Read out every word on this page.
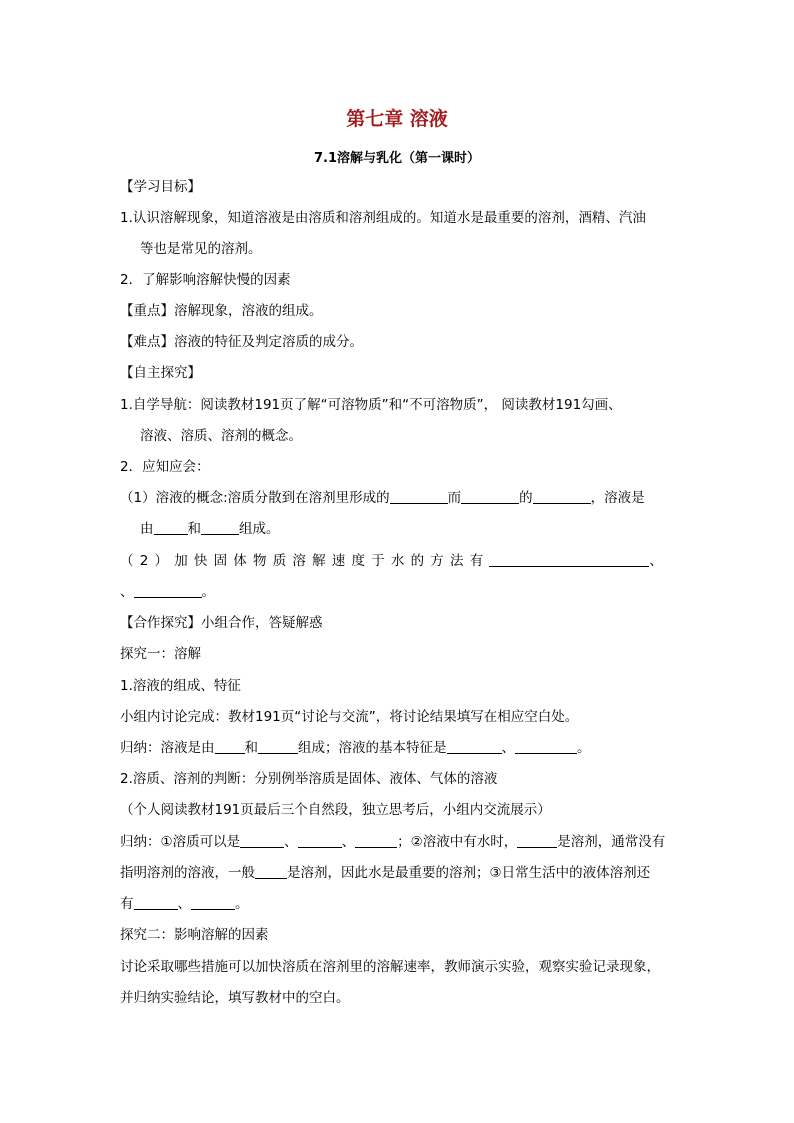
第七章 溶液
7.1溶解与乳化（第一课时）
【学习目标】
1.认识溶解现象，知道溶液是由溶质和溶剂组成的。知道水是最重要的溶剂，酒精、汽油
等也是常见的溶剂。
2．了解影响溶解快慢的因素
【重点】溶解现象，溶液的组成。
【难点】溶液的特征及判定溶质的成分。
【自主探究】
1.自学导航：阅读教材191页了解“可溶物质”和“不可溶物质”， 阅读教材191勾画、
溶液、溶质、溶剂的概念。
2．应知应会：
（1）溶液的概念:溶质分散到在溶剂里形成的	而	的	，溶液是
由	和	组成。
（2）加快固体物质溶解速度于水的方法有	、
、	。
【合作探究】小组合作，答疑解惑
探究一：溶解
1.溶液的组成、特征
小组内讨论完成：教材191页“讨论与交流”，将讨论结果填写在相应空白处。
归纳：溶液是由 和	组成；溶液的基本特征是	、	。
2.溶质、溶剂的判断：分别例举溶质是固体、液体、气体的溶液
（个人阅读教材191页最后三个自然段，独立思考后，小组内交流展示）
归纳：①溶质可以是	、	、	；②溶液中有水时，	是溶剂，通常没有
指明溶剂的溶液，一般 是溶剂，因此水是最重要的溶剂；③日常生活中的液体溶剂还
有	、	。
探究二：影响溶解的因素
讨论采取哪些措施可以加快溶质在溶剂里的溶解速率，教师演示实验，观察实验记录现象，
并归纳实验结论，填写教材中的空白。
